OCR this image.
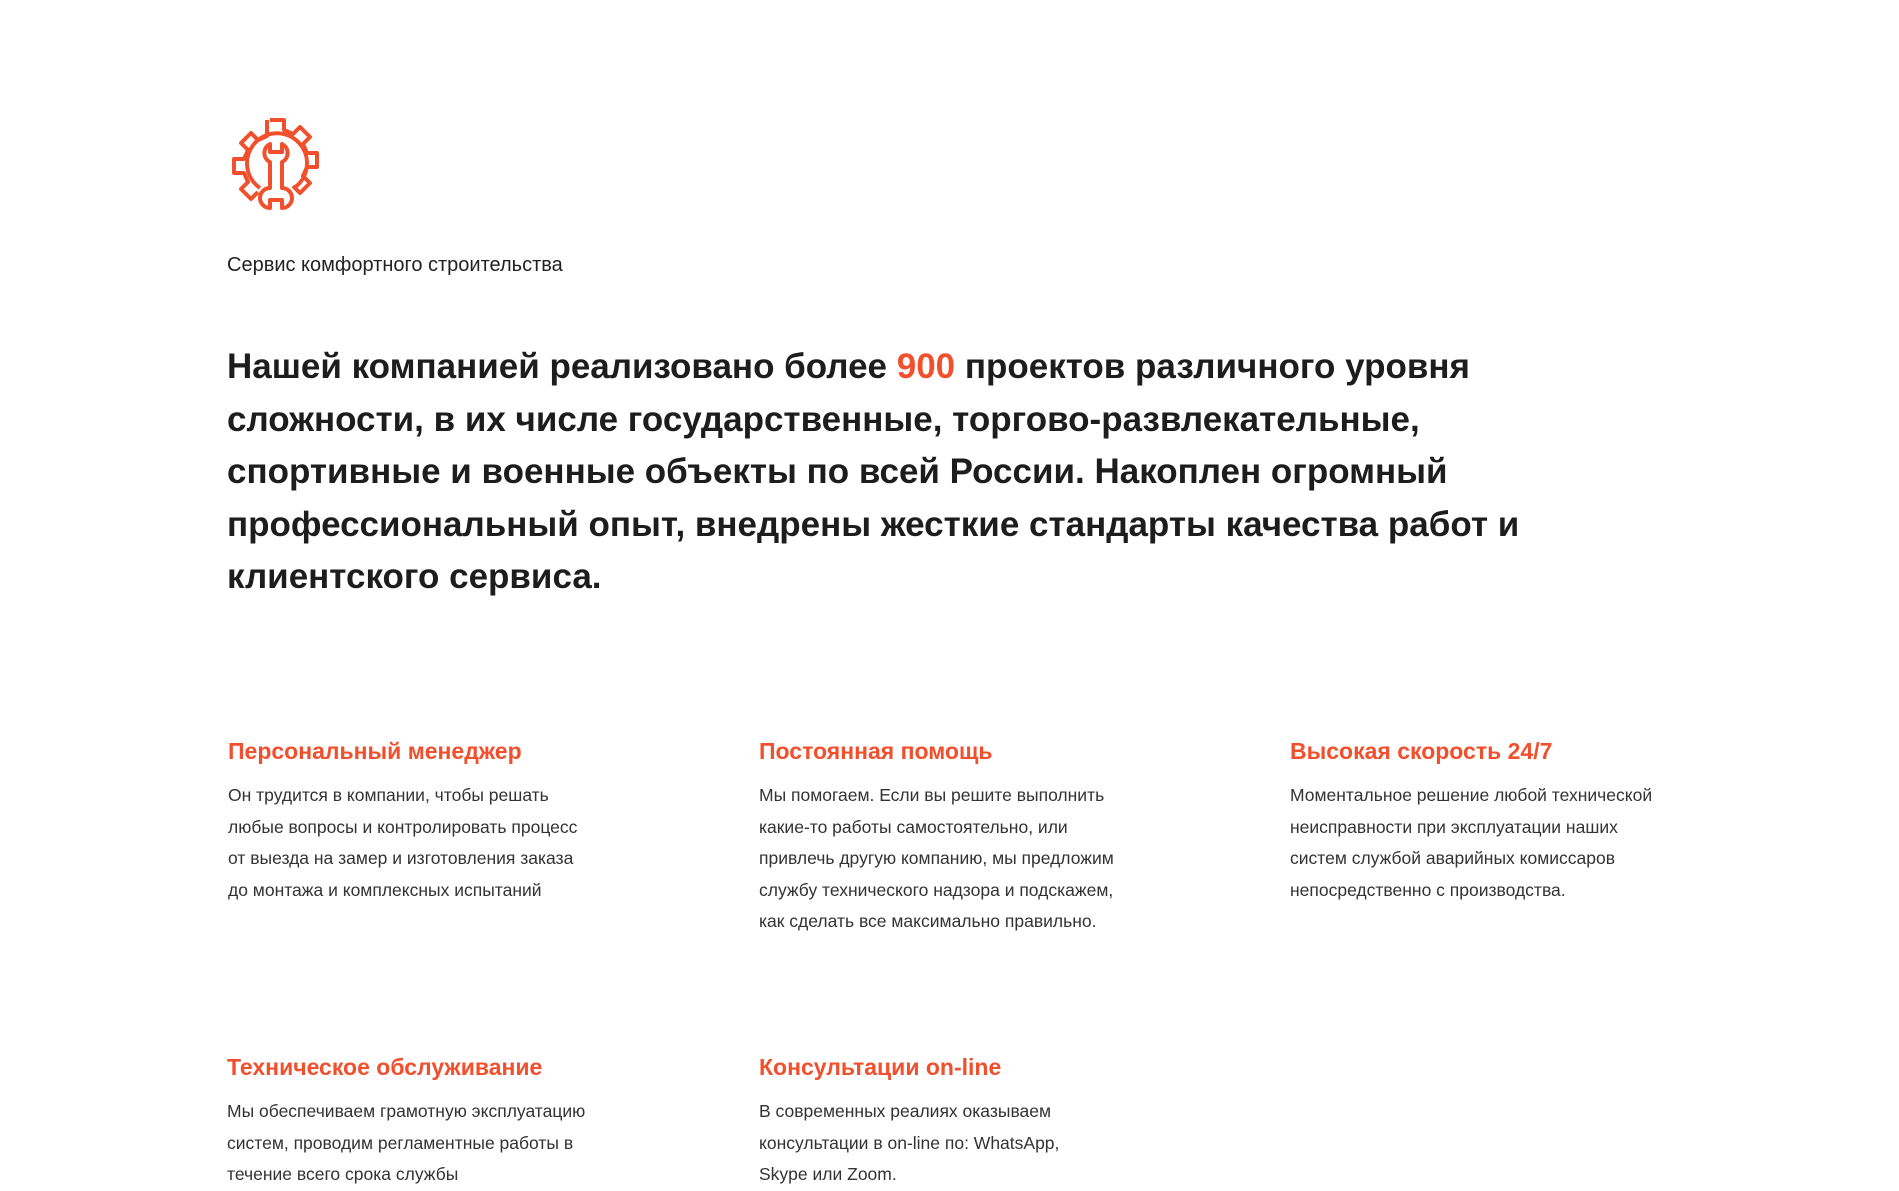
Сервис комфортного строительства

Нашей компанией реализовано более 900 проектов различного уровня сложности, в их числе государственные, торгово-развлекательные, спортивные и военные объекты по всей России. Накоплен огромный профессиональный опыт, внедрены жесткие стандарты качества работ и клиентского сервиса.

Персональный менеджер

Он трудится в компании, чтобы решать
любые вопросы и контролировать процесс
от выезда на замер и изготовления заказа
до монтажа и комплексных испытаний

Постоянная помощь

Мы помогаем. Если вы решите выполнить
какие-то работы самостоятельно, или
привлечь другую компанию, мы предложим
службу технического надзора и подскажем,
как сделать все максимально правильно.

Высокая скорость 24/7

Моментальное решение любой технической
неисправности при эксплуатации наших
систем службой аварийных комиссаров
непосредственно с производства.

Техническое обслуживание

Мы обеспечиваем грамотную эксплуатацию
систем, проводим регламентные работы в
течение всего срока службы

Консультации on-line

В современных реалиях оказываем
консультации в on-line по: WhatsApp,
Skype или Zoom.
